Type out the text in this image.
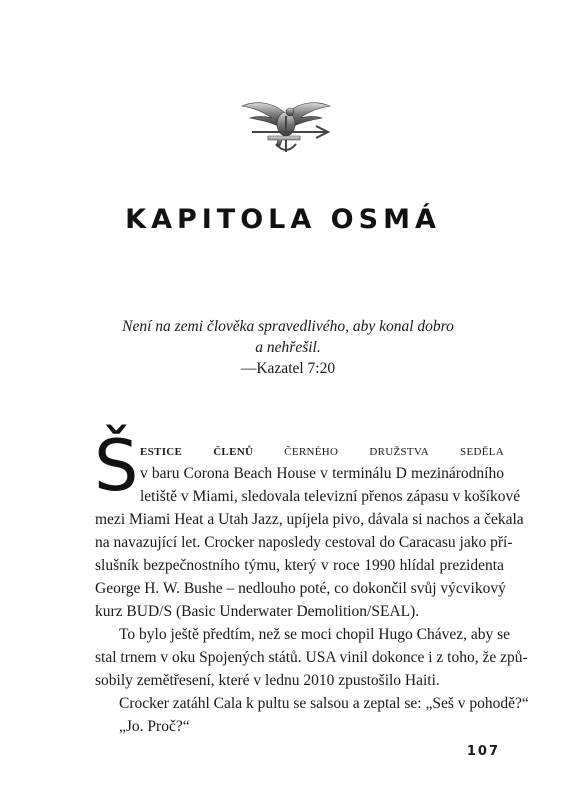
KAPITOLA OSMÁ
Není na zemi člověka spravedlivého, aby konal dobro
a nehřešil.
—Kazatel 7:20
Š estice členů černého družstva seděla
v baru Corona Beach House v terminálu D mezinárodního
letiště v Miami, sledovala televizní přenos zápasu v košíkové
mezi Miami Heat a Utah Jazz, upíjela pivo, dávala si nachos a čekala
na navazující let. Crocker naposledy cestoval do Caracasu jako pří-
slušník bezpečnostního týmu, který v roce 1990 hlídal prezidenta
George H. W. Bushe – nedlouho poté, co dokončil svůj výcvikový
kurz BUD/S (Basic Underwater Demolition/SEAL).
To bylo ještě předtím, než se moci chopil Hugo Chávez, aby se
stal trnem v oku Spojených států. USA vinil dokonce i z toho, že způ-
sobily zemětřesení, které v lednu 2010 zpustošilo Haiti.
Crocker zatáhl Cala k pultu se salsou a zeptal se: „Seš v pohodě?“
„Jo. Proč?“
107
